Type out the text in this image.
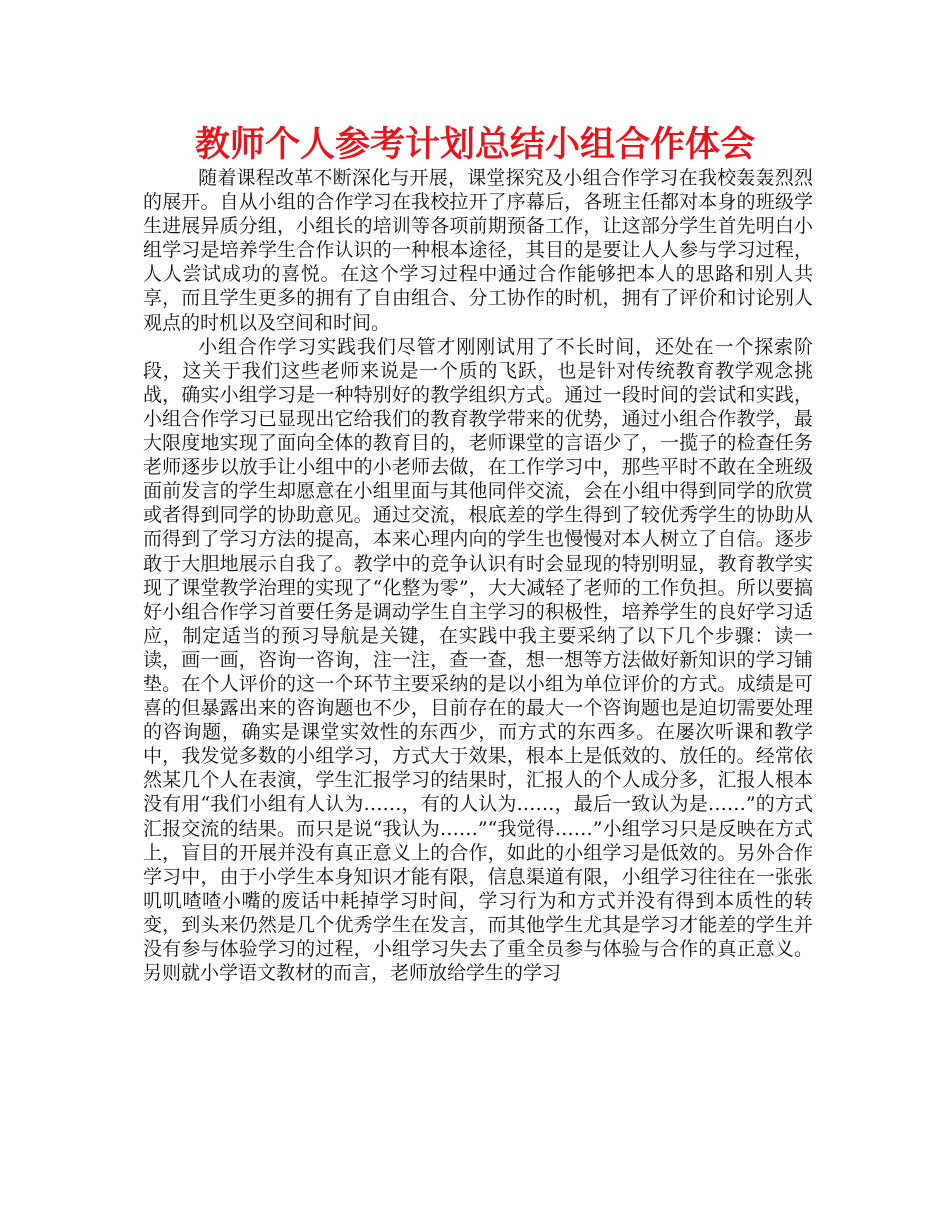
教师个人参考计划总结小组合作体会

随着课程改革不断深化与开展，课堂探究及小组合作学习在我校轰轰烈烈的展开。自从小组的合作学习在我校拉开了序幕后，各班主任都对本身的班级学生进展异质分组，小组长的培训等各项前期预备工作，让这部分学生首先明白小组学习是培养学生合作认识的一种根本途径，其目的是要让人人参与学习过程，人人尝试成功的喜悦。在这个学习过程中通过合作能够把本人的思路和别人共享，而且学生更多的拥有了自由组合、分工协作的时机，拥有了评价和讨论别人观点的时机以及空间和时间。

小组合作学习实践我们尽管才刚刚试用了不长时间，还处在一个探索阶段，这关于我们这些老师来说是一个质的飞跃，也是针对传统教育教学观念挑战，确实小组学习是一种特别好的教学组织方式。通过一段时间的尝试和实践，小组合作学习已显现出它给我们的教育教学带来的优势，通过小组合作教学，最大限度地实现了面向全体的教育目的，老师课堂的言语少了，一揽子的检查任务老师逐步以放手让小组中的小老师去做，在工作学习中，那些平时不敢在全班级面前发言的学生却愿意在小组里面与其他同伴交流，会在小组中得到同学的欣赏或者得到同学的协助意见。通过交流，根底差的学生得到了较优秀学生的协助从而得到了学习方法的提高，本来心理内向的学生也慢慢对本人树立了自信。逐步敢于大胆地展示自我了。教学中的竞争认识有时会显现的特别明显，教育教学实现了课堂教学治理的实现了“化整为零”，大大减轻了老师的工作负担。所以要搞好小组合作学习首要任务是调动学生自主学习的积极性，培养学生的良好学习适应，制定适当的预习导航是关键，在实践中我主要采纳了以下几个步骤：读一读，画一画，咨询一咨询，注一注，查一查，想一想等方法做好新知识的学习铺垫。在个人评价的这一个环节主要采纳的是以小组为单位评价的方式。成绩是可喜的但暴露出来的咨询题也不少，目前存在的最大一个咨询题也是迫切需要处理的咨询题，确实是课堂实效性的东西少，而方式的东西多。在屡次听课和教学中，我发觉多数的小组学习，方式大于效果，根本上是低效的、放任的。经常依然某几个人在表演，学生汇报学习的结果时，汇报人的个人成分多，汇报人根本没有用“我们小组有人认为……，有的人认为……，最后一致认为是……”的方式汇报交流的结果。而只是说“我认为……”“我觉得……”小组学习只是反映在方式上，盲目的开展并没有真正意义上的合作，如此的小组学习是低效的。另外合作学习中，由于小学生本身知识才能有限，信息渠道有限，小组学习往往在一张张叽叽喳喳小嘴的废话中耗掉学习时间，学习行为和方式并没有得到本质性的转变，到头来仍然是几个优秀学生在发言，而其他学生尤其是学习才能差的学生并没有参与体验学习的过程，小组学习失去了重全员参与体验与合作的真正意义。另则就小学语文教材的而言，老师放给学生的学习
